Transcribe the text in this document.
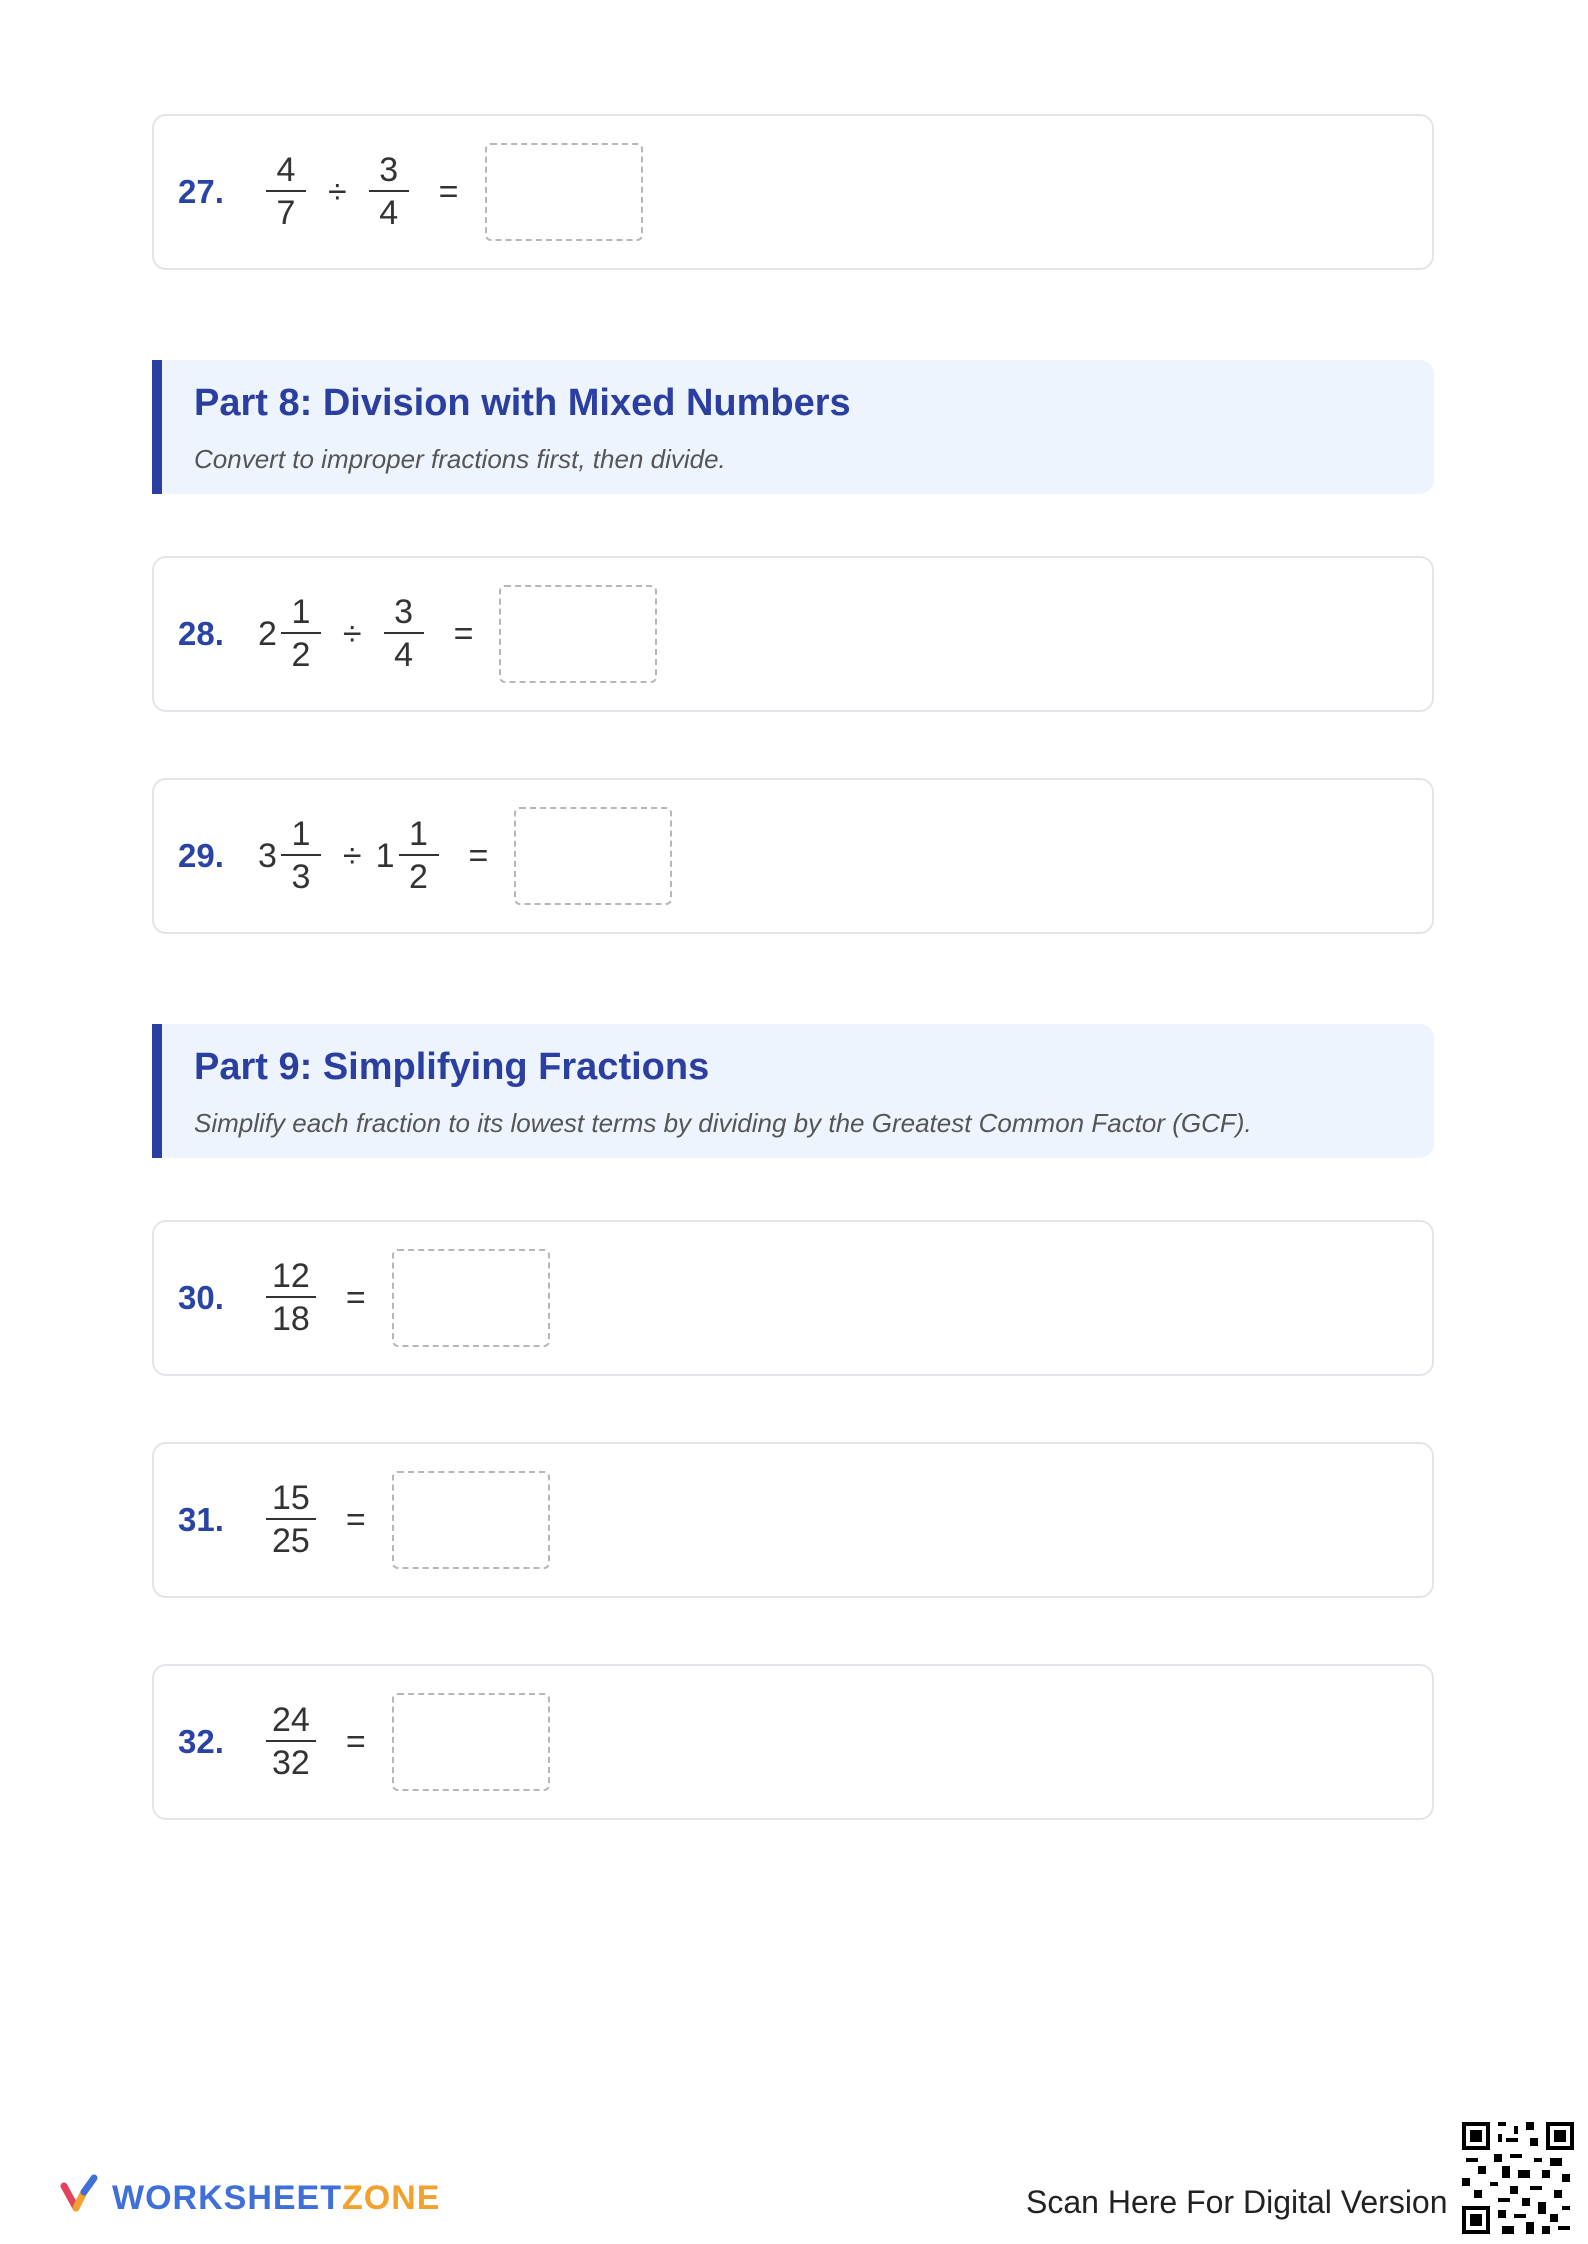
27. $\frac{4}{7} \div \frac{3}{4}$ =
Part 8: Division with Mixed Numbers
Convert to improper fractions first, then divide.
28. $2 \frac{1}{2} \div \frac{3}{4}$ =
29. $3 \frac{1}{3} \div 1 \frac{1}{2}$ =
Part 9: Simplifying Fractions
Simplify each fraction to its lowest terms by dividing by the Greatest Common Factor (GCF).
30. $\frac{12}{18}$ =
31. $\frac{15}{25}$ =
32. $\frac{24}{32}$ =
WORKSHEETZONE	Scan Here For Digital Version
